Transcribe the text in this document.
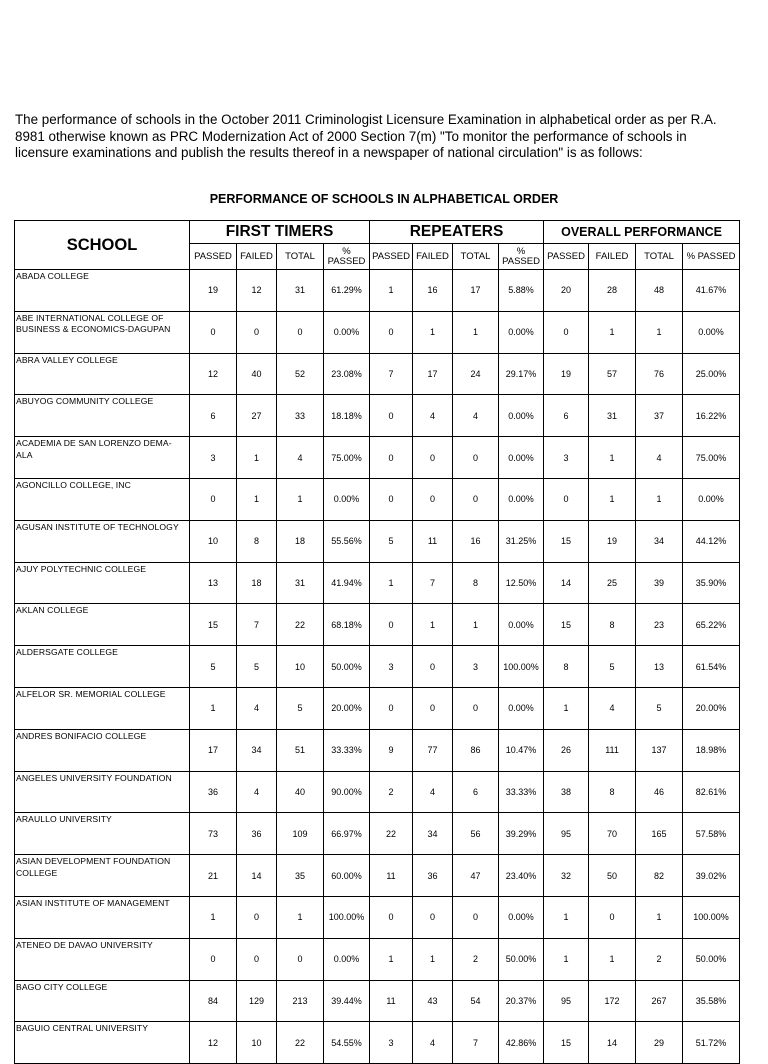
The performance of schools in the October 2011 Criminologist Licensure Examination in alphabetical order as per R.A. 8981 otherwise known as PRC Modernization Act of 2000 Section 7(m) "To monitor the performance of schools in licensure examinations and publish the results thereof in a newspaper of national circulation" is as follows:

PERFORMANCE OF SCHOOLS IN ALPHABETICAL ORDER

SCHOOL	FIRST TIMERS				REPEATERS				OVERALL PERFORMANCE			
	PASSED	FAILED	TOTAL	% PASSED	PASSED	FAILED	TOTAL	% PASSED	PASSED	FAILED	TOTAL	% PASSED
ABADA COLLEGE	19	12	31	61.29%	1	16	17	5.88%	20	28	48	41.67%
ABE INTERNATIONAL COLLEGE OF BUSINESS & ECONOMICS-DAGUPAN	0	0	0	0.00%	0	1	1	0.00%	0	1	1	0.00%
ABRA VALLEY COLLEGE	12	40	52	23.08%	7	17	24	29.17%	19	57	76	25.00%
ABUYOG COMMUNITY COLLEGE	6	27	33	18.18%	0	4	4	0.00%	6	31	37	16.22%
ACADEMIA DE SAN LORENZO DEMA-ALA	3	1	4	75.00%	0	0	0	0.00%	3	1	4	75.00%
AGONCILLO COLLEGE, INC	0	1	1	0.00%	0	0	0	0.00%	0	1	1	0.00%
AGUSAN INSTITUTE OF TECHNOLOGY	10	8	18	55.56%	5	11	16	31.25%	15	19	34	44.12%
AJUY POLYTECHNIC COLLEGE	13	18	31	41.94%	1	7	8	12.50%	14	25	39	35.90%
AKLAN COLLEGE	15	7	22	68.18%	0	1	1	0.00%	15	8	23	65.22%
ALDERSGATE COLLEGE	5	5	10	50.00%	3	0	3	100.00%	8	5	13	61.54%
ALFELOR SR. MEMORIAL COLLEGE	1	4	5	20.00%	0	0	0	0.00%	1	4	5	20.00%
ANDRES BONIFACIO COLLEGE	17	34	51	33.33%	9	77	86	10.47%	26	111	137	18.98%
ANGELES UNIVERSITY FOUNDATION	36	4	40	90.00%	2	4	6	33.33%	38	8	46	82.61%
ARAULLO UNIVERSITY	73	36	109	66.97%	22	34	56	39.29%	95	70	165	57.58%
ASIAN DEVELOPMENT FOUNDATION COLLEGE	21	14	35	60.00%	11	36	47	23.40%	32	50	82	39.02%
ASIAN INSTITUTE OF MANAGEMENT	1	0	1	100.00%	0	0	0	0.00%	1	0	1	100.00%
ATENEO DE DAVAO UNIVERSITY	0	0	0	0.00%	1	1	2	50.00%	1	1	2	50.00%
BAGO CITY COLLEGE	84	129	213	39.44%	11	43	54	20.37%	95	172	267	35.58%
BAGUIO CENTRAL UNIVERSITY	12	10	22	54.55%	3	4	7	42.86%	15	14	29	51.72%
